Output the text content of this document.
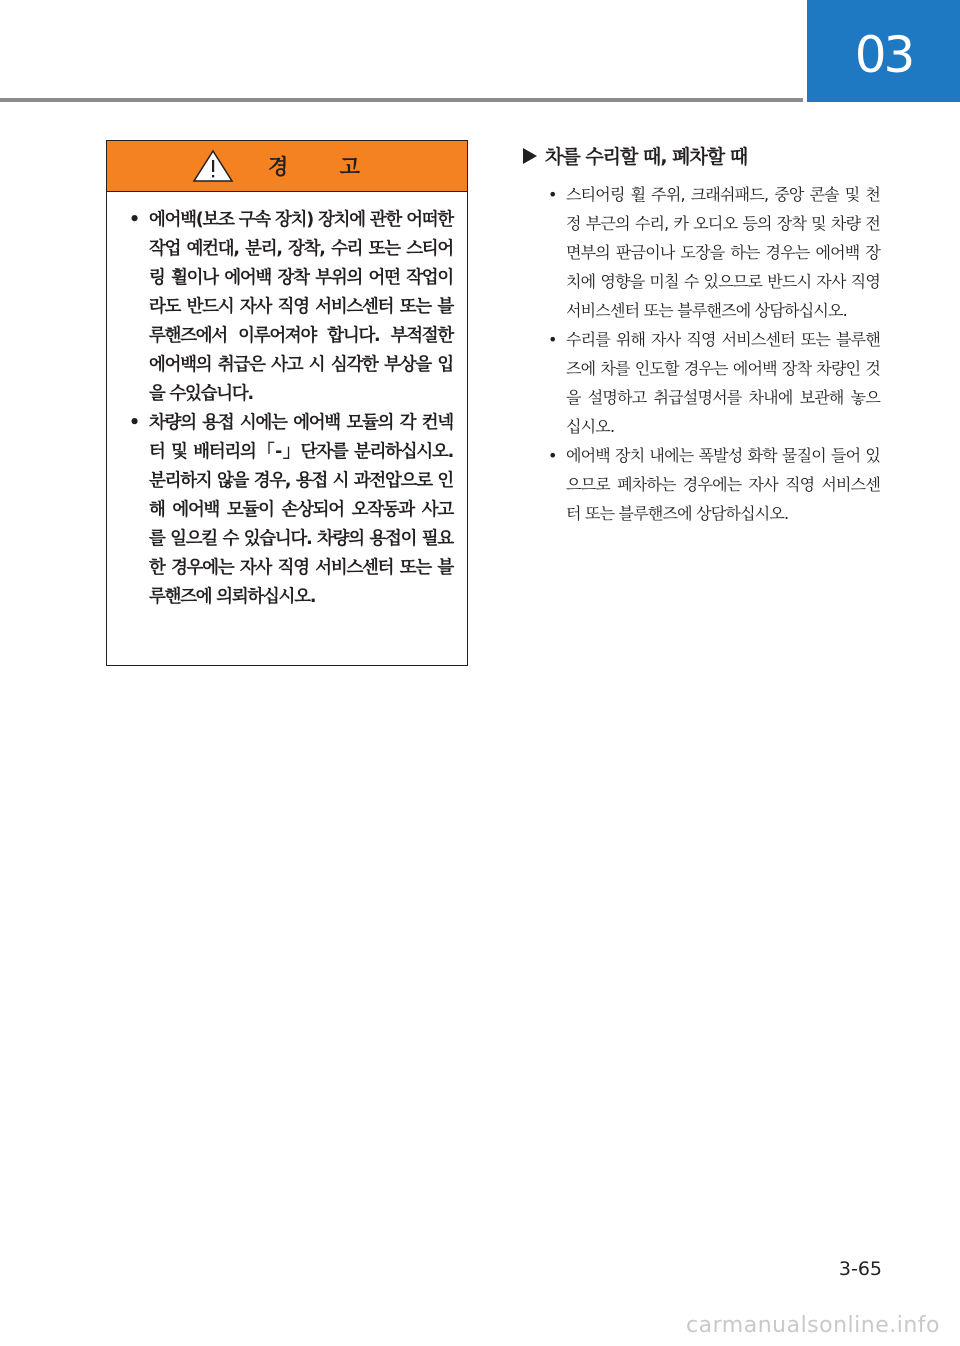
03
경 고
• 에어백(보조 구속 장치) 장치에 관한 어떠한 작업 예컨대, 분리, 장착, 수리 또는 스티어링 휠이나 에어백 장착 부위의 어떤 작업이라도 반드시 자사 직영 서비스센터 또는 블루핸즈에서 이루어져야 합니다. 부적절한 에어백의 취급은 사고 시 심각한 부상을 입을 수있습니다.
• 차량의 용접 시에는 에어백 모듈의 각 컨넥터 및 배터리의「-」단자를 분리하십시오. 분리하지 않을 경우, 용접 시 과전압으로 인해 에어백 모듈이 손상되어 오작동과 사고를 일으킬 수 있습니다. 차량의 용접이 필요한 경우에는 자사 직영 서비스센터 또는 블루핸즈에 의뢰하십시오.
차를 수리할 때, 폐차할 때
• 스티어링 휠 주위, 크래쉬패드, 중앙 콘솔 및 천정 부근의 수리, 카 오디오 등의 장착 및 차량 전면부의 판금이나 도장을 하는 경우는 에어백 장치에 영향을 미칠 수 있으므로 반드시 자사 직영 서비스센터 또는 블루핸즈에 상담하십시오.
• 수리를 위해 자사 직영 서비스센터 또는 블루핸즈에 차를 인도할 경우는 에어백 장착 차량인 것을 설명하고 취급설명서를 차내에 보관해 놓으십시오.
• 에어백 장치 내에는 폭발성 화학 물질이 들어 있으므로 폐차하는 경우에는 자사 직영 서비스센터 또는 블루핸즈에 상담하십시오.
3-65
carmanualsonline.info
